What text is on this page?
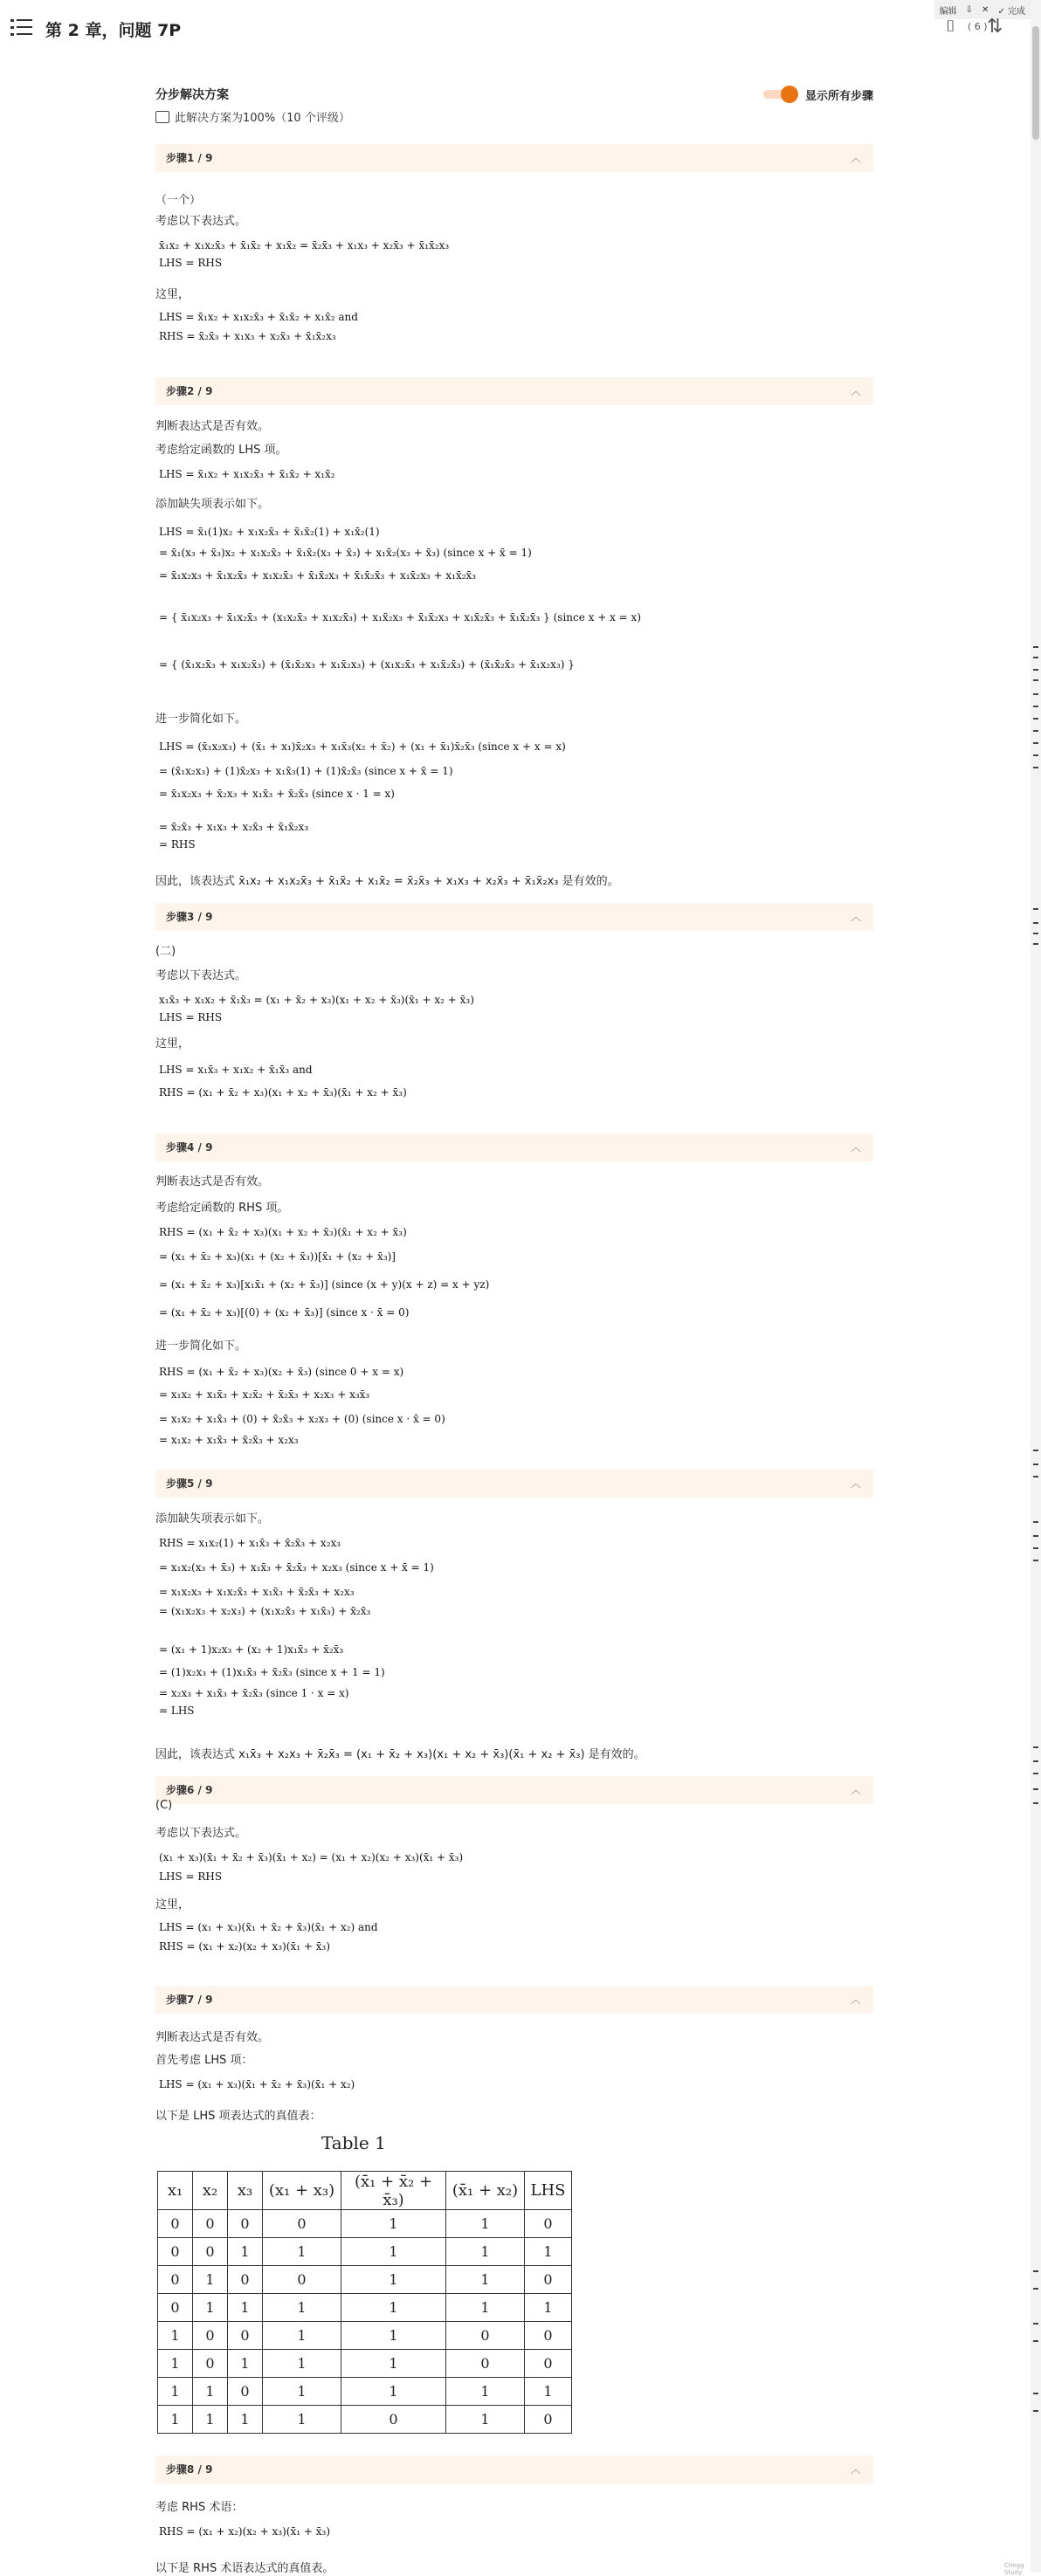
第 2 章，问题 7P
编辑 ⇩ ✕ ✓ 完成
⌷ ( 6 ) ⇅
分步解决方案
此解决方案为100%（10 个评级）
显示所有步骤
步骤1 / 9	︿
（一个）
考虑以下表达式。
x̄₁x₂ + x₁x₂x̄₃ + x̄₁x̄₂ + x₁x̄₂ = x̄₂x̄₃ + x₁x₃ + x₂x̄₃ + x̄₁x̄₂x₃
LHS = RHS
这里，
LHS = x̄₁x₂ + x₁x₂x̄₃ + x̄₁x̄₂ + x₁x̄₂ and
RHS = x̄₂x̄₃ + x₁x₃ + x₂x̄₃ + x̄₁x̄₂x₃
步骤2 / 9	︿
判断表达式是否有效。
考虑给定函数的 LHS 项。
LHS = x̄₁x₂ + x₁x₂x̄₃ + x̄₁x̄₂ + x₁x̄₂
添加缺失项表示如下。
LHS = x̄₁(1)x₂ + x₁x₂x̄₃ + x̄₁x̄₂(1) + x₁x̄₂(1)
= x̄₁(x₃ + x̄₃)x₂ + x₁x₂x̄₃ + x̄₁x̄₂(x₃ + x̄₃) + x₁x̄₂(x₃ + x̄₃) (since x + x̄ = 1)
= x̄₁x₂x₃ + x̄₁x₂x̄₃ + x₁x₂x̄₃ + x̄₁x̄₂x₃ + x̄₁x̄₂x̄₃ + x₁x̄₂x₃ + x₁x̄₂x̄₃
= { x̄₁x₂x₃ + x̄₁x₂x̄₃ + (x₁x₂x̄₃ + x₁x₂x̄₃) + x₁x̄₂x₃ + x̄₁x̄₂x₃ + x₁x̄₂x̄₃ + x̄₁x̄₂x̄₃ } (since x + x = x)
= { (x̄₁x₂x̄₃ + x₁x₂x̄₃) + (x̄₁x̄₂x₃ + x₁x̄₂x₃) + (x₁x₂x̄₃ + x₁x̄₂x̄₃) + (x̄₁x̄₂x̄₃ + x̄₁x₂x₃) }
进一步简化如下。
LHS = (x̄₁x₂x₃) + (x̄₁ + x₁)x̄₂x₃ + x₁x̄₃(x₂ + x̄₂) + (x₁ + x̄₁)x̄₂x̄₃ (since x + x = x)
= (x̄₁x₂x₃) + (1)x̄₂x₃ + x₁x̄₃(1) + (1)x̄₂x̄₃ (since x + x̄ = 1)
= x̄₁x₂x₃ + x̄₂x₃ + x₁x̄₃ + x̄₂x̄₃ (since x · 1 = x)
= x̄₂x̄₃ + x₁x₃ + x₂x̄₃ + x̄₁x̄₂x₃
= RHS
因此，该表达式 x̄₁x₂ + x₁x₂x̄₃ + x̄₁x̄₂ + x₁x̄₂ = x̄₂x̄₃ + x₁x₃ + x₂x̄₃ + x̄₁x̄₂x₃ 是有效的。
步骤3 / 9	︿
(二)
考虑以下表达式。
x₁x̄₃ + x₁x₂ + x̄₁x̄₃ = (x₁ + x̄₂ + x₃)(x₁ + x₂ + x̄₃)(x̄₁ + x₂ + x̄₃)
LHS = RHS
这里，
LHS = x₁x̄₃ + x₁x₂ + x̄₁x̄₃ and
RHS = (x₁ + x̄₂ + x₃)(x₁ + x₂ + x̄₃)(x̄₁ + x₂ + x̄₃)
步骤4 / 9	︿
判断表达式是否有效。
考虑给定函数的 RHS 项。
RHS = (x₁ + x̄₂ + x₃)(x₁ + x₂ + x̄₃)(x̄₁ + x₂ + x̄₃)
= (x₁ + x̄₂ + x₃)(x₁ + (x₂ + x̄₃))[x̄₁ + (x₂ + x̄₃)]
= (x₁ + x̄₂ + x₃)[x₁x̄₁ + (x₂ + x̄₃)] (since (x + y)(x + z) = x + yz)
= (x₁ + x̄₂ + x₃)[(0) + (x₂ + x̄₃)] (since x · x̄ = 0)
进一步简化如下。
RHS = (x₁ + x̄₂ + x₃)(x₂ + x̄₃) (since 0 + x = x)
= x₁x₂ + x₁x̄₃ + x₂x̄₂ + x̄₂x̄₃ + x₂x₃ + x₃x̄₃
= x₁x₂ + x₁x̄₃ + (0) + x̄₂x̄₃ + x₂x₃ + (0) (since x · x̄ = 0)
= x₁x₂ + x₁x̄₃ + x̄₂x̄₃ + x₂x₃
步骤5 / 9	︿
添加缺失项表示如下。
RHS = x₁x₂(1) + x₁x̄₃ + x̄₂x̄₃ + x₂x₃
= x₁x₂(x₃ + x̄₃) + x₁x̄₃ + x̄₂x̄₃ + x₂x₃ (since x + x̄ = 1)
= x₁x₂x₃ + x₁x₂x̄₃ + x₁x̄₃ + x̄₂x̄₃ + x₂x₃
= (x₁x₂x₃ + x₂x₃) + (x₁x₂x̄₃ + x₁x̄₃) + x̄₂x̄₃
= (x₁ + 1)x₂x₃ + (x₂ + 1)x₁x̄₃ + x̄₂x̄₃
= (1)x₂x₃ + (1)x₁x̄₃ + x̄₂x̄₃ (since x + 1 = 1)
= x₂x₃ + x₁x̄₃ + x̄₂x̄₃ (since 1 · x = x)
= LHS
因此，该表达式 x₁x̄₃ + x₂x₃ + x̄₂x̄₃ = (x₁ + x̄₂ + x₃)(x₁ + x₂ + x̄₃)(x̄₁ + x₂ + x̄₃) 是有效的。
步骤6 / 9	︿
(C)
考虑以下表达式。
(x₁ + x₃)(x̄₁ + x̄₂ + x̄₃)(x̄₁ + x₂) = (x₁ + x₂)(x₂ + x₃)(x̄₁ + x̄₃)
LHS = RHS
这里，
LHS = (x₁ + x₃)(x̄₁ + x̄₂ + x̄₃)(x̄₁ + x₂) and
RHS = (x₁ + x₂)(x₂ + x₃)(x̄₁ + x̄₃)
步骤7 / 9	︿
判断表达式是否有效。
首先考虑 LHS 项：
LHS = (x₁ + x₃)(x̄₁ + x̄₂ + x̄₃)(x̄₁ + x₂)
以下是 LHS 项表达式的真值表：
步骤8 / 9	︿
考虑 RHS 术语：
RHS = (x₁ + x₂)(x₂ + x₃)(x̄₁ + x̄₃)
以下是 RHS 术语表达式的真值表。
Table 1
x₁	x₂	x₃	(x₁ + x₃)	(x̄₁ + x̄₂ + x̄₃)	(x̄₁ + x₂)	LHS
0	0	0	0	1	1	0
0	0	1	1	1	1	1
0	1	0	0	1	1	0
0	1	1	1	1	1	1
1	0	0	1	1	0	0
1	0	1	1	1	0	0
1	1	0	1	1	1	1
1	1	1	1	0	1	0
Chegg Study
